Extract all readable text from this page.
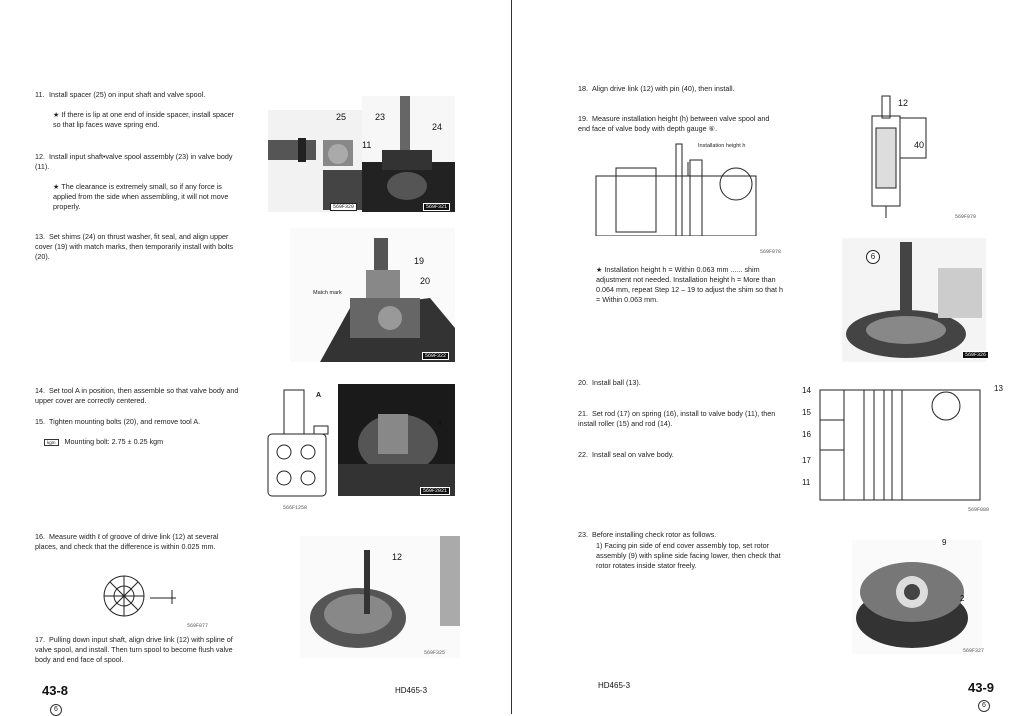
11. Install spacer (25) on input shaft and valve spool.
★ If there is lip at one end of inside spacer, install spacer so that lip faces wave spring end.
12. Install input shaft•valve spool assembly (23) in valve body (11).
★ The clearance is extremely small, so if any force is applied from the side when assembling, it will not move properly.
25	23
24
11
569F320	569F321
13. Set shims (24) on thrust washer, fit seal, and align upper cover (19) with match marks, then temporarily install with bolts (20).	19
20
Match mark
569F322
14. Set tool A in position, then assemble so that valve body and upper cover are correctly centered.
15. Tighten mounting bolts (20), and remove tool A.
kgm Mounting bolt: 2.75 ± 0.25 kgm
A
566F1258
A
569F2021
16. Measure width ℓ of groove of drive link (12) at several places, and check that the difference is within 0.025 mm.
569F077
12
569F325
17. Pulling down input shaft, align drive link (12) with spline of valve spool, and install. Then turn spool to become flush valve body and end face of spool.
43-8
6
HD465-3
18. Align drive link (12) with pin (40), then install.
19. Measure installation height (h) between valve spool and end face of valve body with depth gauge ⑥.
12
40
569F079
Installation height h
569F078
★ Installation height h = Within 0.063 mm ...... shim adjustment not needed. Installation height h = More than 0.064 mm, repeat Step 12 – 19 to adjust the shim so that h = Within 0.063 mm.
6
569F326
20. Install ball (13).
21. Set rod (17) on spring (16), install to valve body (11), then install roller (15) and rod (14).
22. Install seal on valve body.
14	13
15
16
17
11
569F080
23. Before installing check rotor as follows.
1) Facing pin side of end cover assembly top, set rotor assembly (9) with spline side facing lower, then check that rotor rotates inside stator freely.
9
2
569F327
HD465-3	43-9
6
